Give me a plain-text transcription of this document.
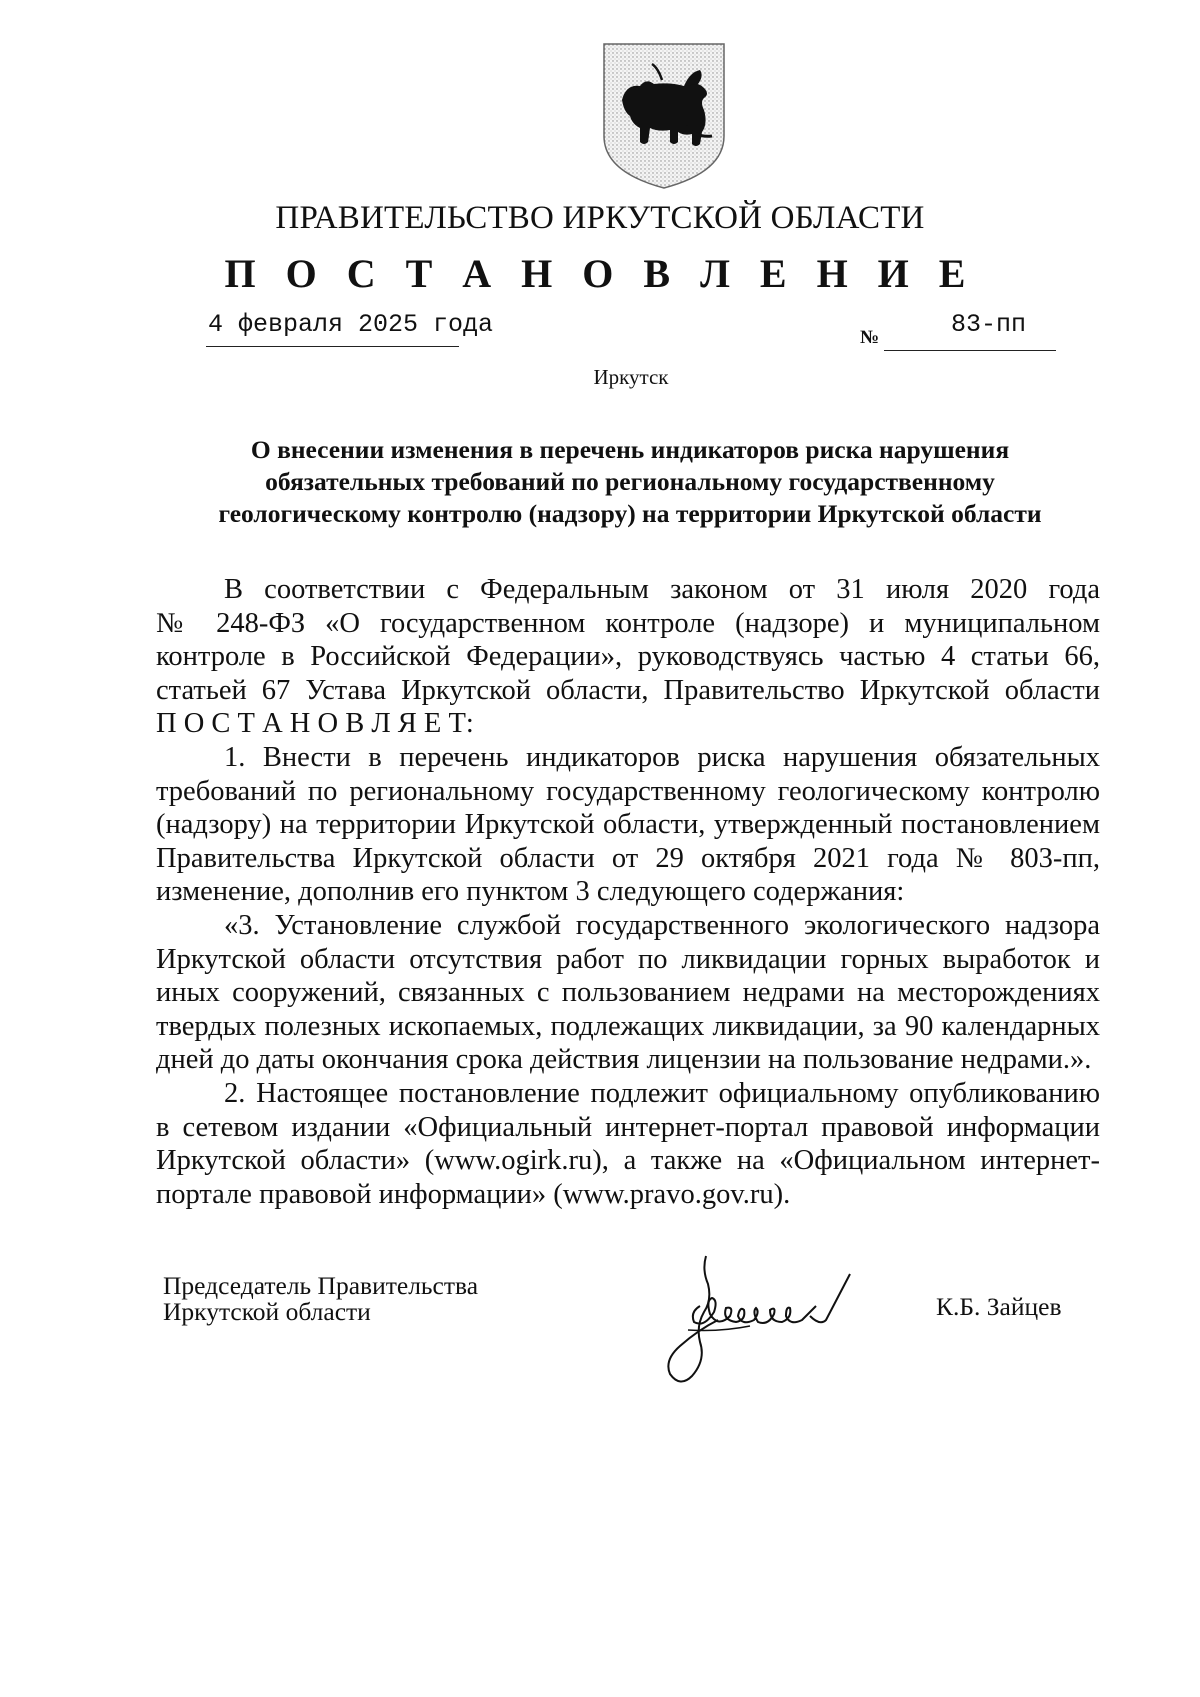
ПРАВИТЕЛЬСТВО ИРКУТСКОЙ ОБЛАСТИ
П О С Т А Н О В Л Е Н И Е
4 февраля 2025 года	№	83-пп
Иркутск
О внесении изменения в перечень индикаторов риска нарушения
обязательных требований по региональному государственному
геологическому контролю (надзору) на территории Иркутской области

В соответствии с Федеральным законом от 31 июля 2020 года
№ 248-ФЗ «О государственном контроле (надзоре) и муниципальном
контроле в Российской Федерации», руководствуясь частью 4 статьи 66,
статьей 67 Устава Иркутской области, Правительство Иркутской области
П О С Т А Н О В Л Я Е Т:

1. Внести в перечень индикаторов риска нарушения обязательных
требований по региональному государственному геологическому контролю
(надзору) на территории Иркутской области, утвержденный постановлением
Правительства Иркутской области от 29 октября 2021 года № 803-пп,
изменение, дополнив его пунктом 3 следующего содержания:

«3. Установление службой государственного экологического надзора
Иркутской области отсутствия работ по ликвидации горных выработок и
иных сооружений, связанных с пользованием недрами на месторождениях
твердых полезных ископаемых, подлежащих ликвидации, за 90 календарных
дней до даты окончания срока действия лицензии на пользование недрами.».

2. Настоящее постановление подлежит официальному опубликованию
в сетевом издании «Официальный интернет-портал правовой информации
Иркутской области» (www.ogirk.ru), а также на «Официальном интернет-
портале правовой информации» (www.pravo.gov.ru).

Председатель Правительства
Иркутской области	К.Б. Зайцев
